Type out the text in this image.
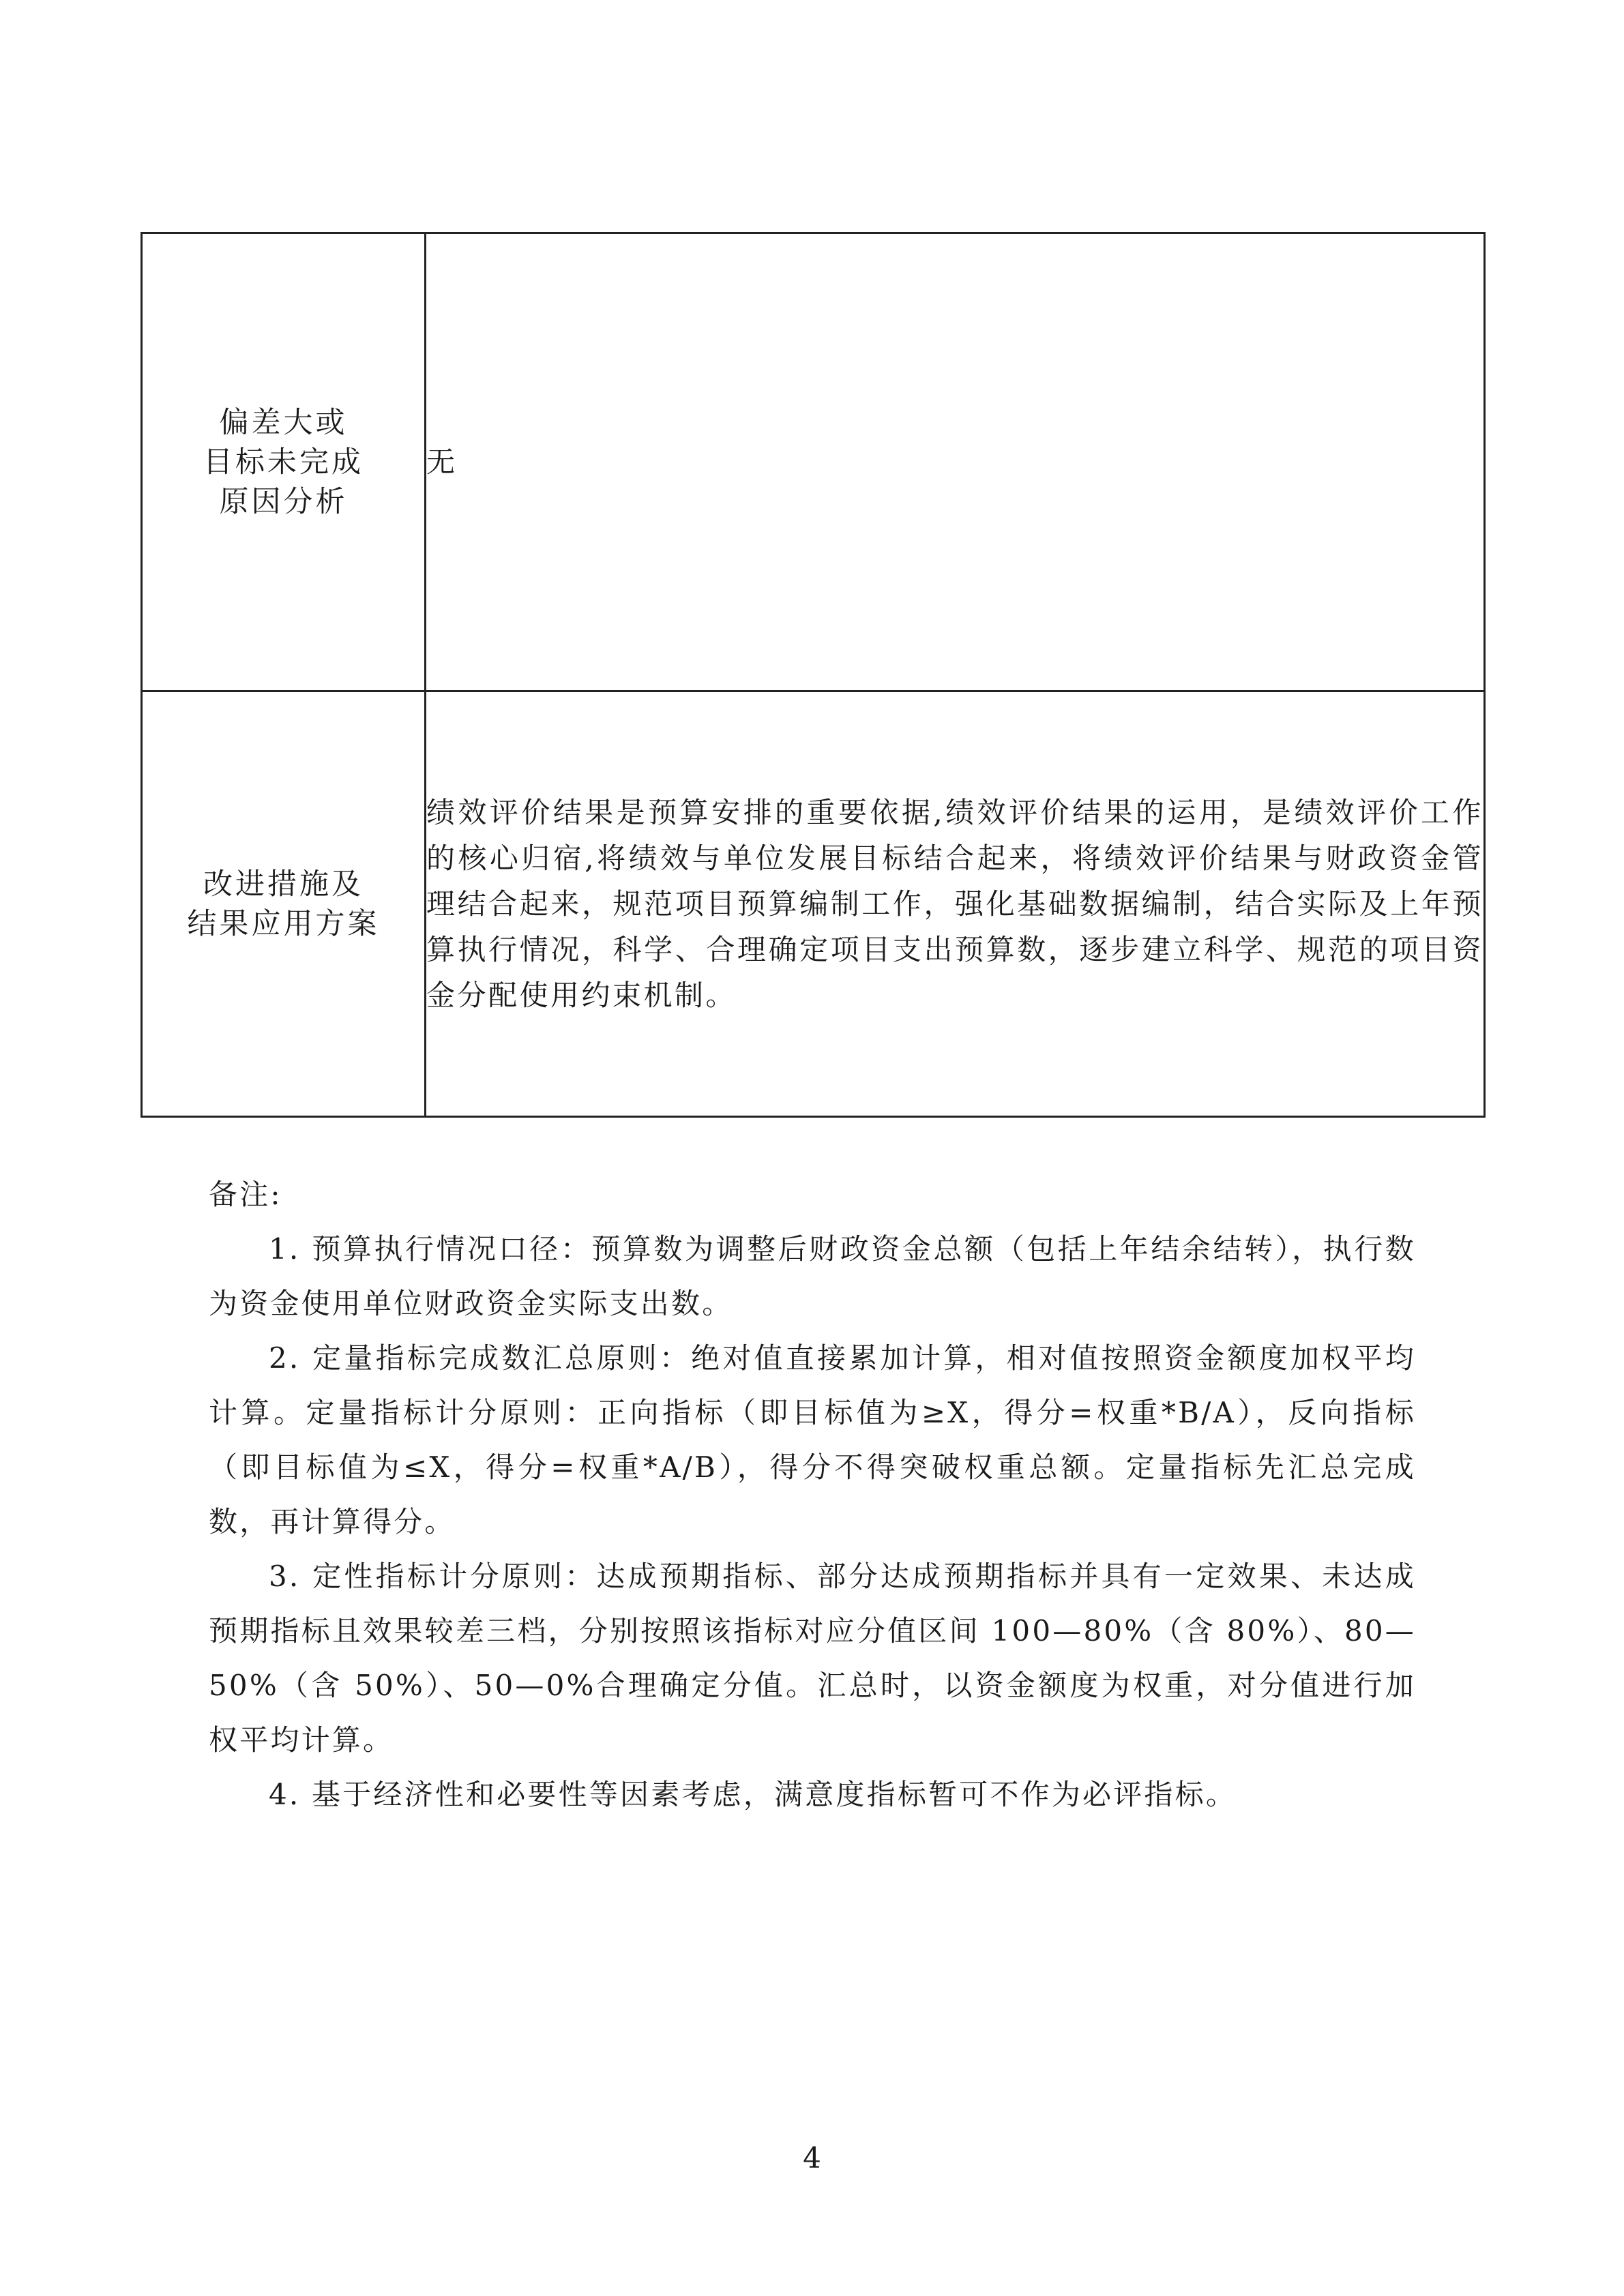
偏差大或
目标未完成
原因分析	无

改进措施及
结果应用方案	绩效评价结果是预算安排的重要依据,绩效评价结果的运用，是绩效评价工作的核心归宿,将绩效与单位发展目标结合起来，将绩效评价结果与财政资金管理结合起来，规范项目预算编制工作，强化基础数据编制，结合实际及上年预算执行情况，科学、合理确定项目支出预算数，逐步建立科学、规范的项目资金分配使用约束机制。
备注:
1. 预算执行情况口径：预算数为调整后财政资金总额（包括上年结余结转），执行数为资金使用单位财政资金实际支出数。
2. 定量指标完成数汇总原则：绝对值直接累加计算，相对值按照资金额度加权平均计算。定量指标计分原则：正向指标（即目标值为≥X，得分=权重*B/A），反向指标（即目标值为≤X，得分=权重*A/B），得分不得突破权重总额。定量指标先汇总完成数，再计算得分。
3. 定性指标计分原则：达成预期指标、部分达成预期指标并具有一定效果、未达成预期指标且效果较差三档，分别按照该指标对应分值区间 100—80%（含 80%）、80—50%（含 50%）、50—0%合理确定分值。汇总时，以资金额度为权重，对分值进行加权平均计算。
4. 基于经济性和必要性等因素考虑，满意度指标暂可不作为必评指标。
4
